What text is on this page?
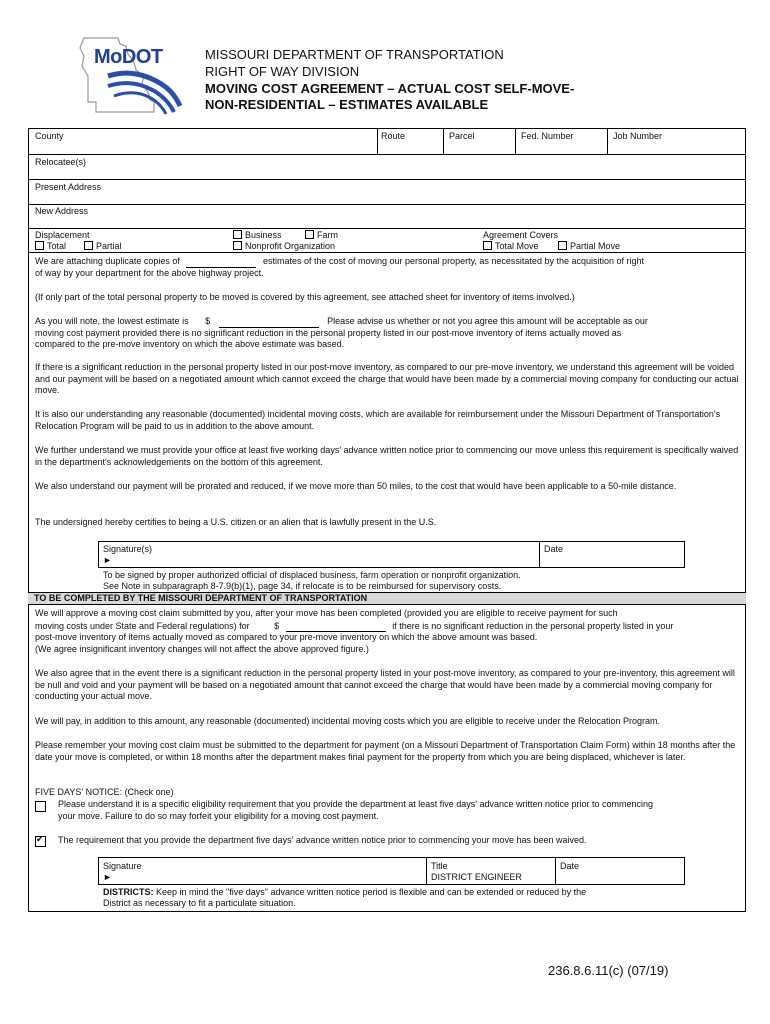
MoDOT	MISSOURI DEPARTMENT OF TRANSPORTATION
RIGHT OF WAY DIVISION
MOVING COST AGREEMENT – ACTUAL COST SELF-MOVE-
NON-RESIDENTIAL – ESTIMATES AVAILABLE
County	Route	Parcel	Fed. Number	Job Number
Relocatee(s)
Present Address
New Address
Displacement
Total	Partial
Business	Farm
Nonprofit Organization
Agreement Covers
Total Move	Partial Move
We are attaching duplicate copies of	estimates of the cost of moving our personal property, as necessitated by the acquisition of right
of way by your department for the above highway project.
(If only part of the total personal property to be moved is covered by this agreement, see attached sheet for inventory of items involved.)
As you will note, the lowest estimate is $	Please advise us whether or not you agree this amount will be acceptable as our
moving cost payment provided there is no significant reduction in the personal property listed in our post-move inventory of items actually moved as
compared to the pre-move inventory on which the above estimate was based.
If there is a significant reduction in the personal property listed in our post-move inventory, as compared to our pre-move inventory, we understand this agreement will be voided and our payment will be based on a negotiated amount which cannot exceed the charge that would have been made by a commercial moving company for conducting our actual move.
It is also our understanding any reasonable (documented) incidental moving costs, which are available for reimbursement under the Missouri Department of Transportation's Relocation Program will be paid to us in addition to the above amount.
We further understand we must provide your office at least five working days' advance written notice prior to commencing our move unless this requirement is specifically waived in the department's acknowledgements on the bottom of this agreement.
We also understand our payment will be prorated and reduced, if we move more than 50 miles, to the cost that would have been applicable to a 50-mile distance.
The undersigned hereby certifies to being a U.S. citizen or an alien that is lawfully present in the U.S.
Signature(s)
►
Date
To be signed by proper authorized official of displaced business, farm operation or nonprofit organization.
See Note in subparagraph 8-7.9(b)(1), page 34, if relocate is to be reimbursed for supervisory costs.
TO BE COMPLETED BY THE MISSOURI DEPARTMENT OF TRANSPORTATION
We will approve a moving cost claim submitted by you, after your move has been completed (provided you are eligible to receive payment for such
moving costs under State and Federal regulations) for	$	if there is no significant reduction in the personal property listed in your
post-move inventory of items actually moved as compared to your pre-move inventory on which the above amount was based.
(We agree insignificant inventory changes will not affect the above approved figure.)
We also agree that in the event there is a significant reduction in the personal property listed in your post-move inventory, as compared to your pre-inventory, this agreement will be null and void and your payment will be based on a negotiated amount that cannot exceed the charge that would have been made by a commercial moving company for conducting your actual move.
We will pay, in addition to this amount, any reasonable (documented) incidental moving costs which you are eligible to receive under the Relocation Program.
Please remember your moving cost claim must be submitted to the department for payment (on a Missouri Department of Transportation Claim Form) within 18 months after the date your move is completed, or within 18 months after the department makes final payment for the property from which you are being displaced, whichever is later.
FIVE DAYS' NOTICE: (Check one)
Please understand it is a specific eligibility requirement that you provide the department at least five days' advance written notice prior to commencing
your move. Failure to do so may forfeit your eligibility for a moving cost payment.
✔
The requirement that you provide the department five days' advance written notice prior to commencing your move has been waived.
Signature
►
Title
DISTRICT ENGINEER
Date
DISTRICTS: Keep in mind the "five days" advance written notice period is flexible and can be extended or reduced by the
District as necessary to fit a particulate situation.
236.8.6.11(c) (07/19)
